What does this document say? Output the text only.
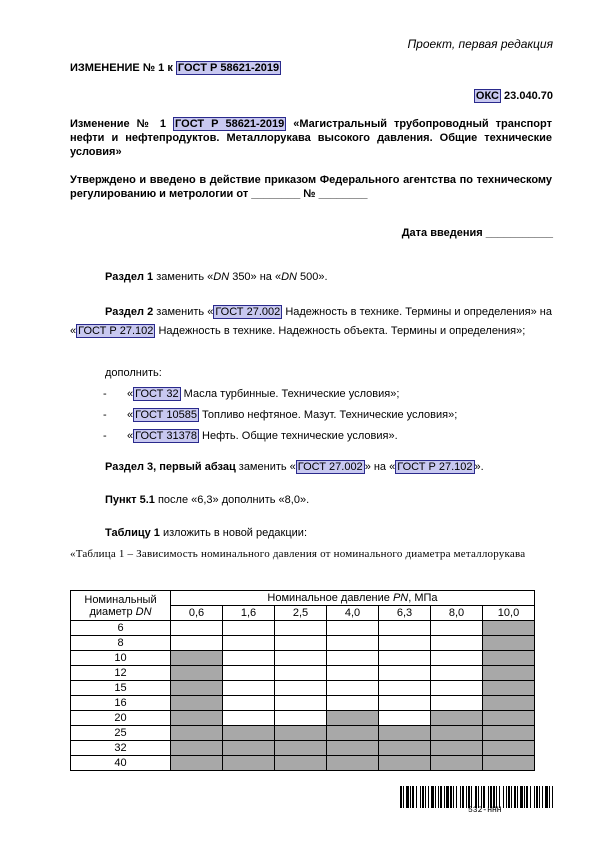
Проект, первая редакция
ИЗМЕНЕНИЕ № 1 к ГОСТ Р 58621-2019
ОКС 23.040.70
Изменение № 1 ГОСТ Р 58621-2019 «Магистральный трубопроводный транспорт нефти и нефтепродуктов. Металлорукава высокого давления. Общие технические условия»
Утверждено и введено в действие приказом Федерального агентства по техническому регулированию и метрологии от ________ № ________
Дата введения ___________
Раздел 1 заменить «DN 350» на «DN 500».
Раздел 2 заменить « ГОСТ 27.002 Надежность в технике. Термины и определения» на « ГОСТ Р 27.102 Надежность в технике. Надежность объекта. Термины и определения»;
дополнить:
- « ГОСТ 32 Масла турбинные. Технические условия»;
- « ГОСТ 10585 Топливо нефтяное. Мазут. Технические условия»;
- « ГОСТ 31378 Нефть. Общие технические условия».
Раздел 3, первый абзац заменить « ГОСТ 27.002 » на « ГОСТ Р 27.102 ».
Пункт 5.1 после «6,3» дополнить «8,0».
Таблицу 1 изложить в новой редакции:
«Таблица 1 – Зависимость номинального давления от номинального диаметра металлорукава
Номинальный диаметр DN	Номинальное давление PN, МПа						
	0,6	1,6	2,5	4,0	6,3	8,0	10,0
6							
8							
10							
12							
15							
16							
20							
25							
32							
40							
532-HHH
